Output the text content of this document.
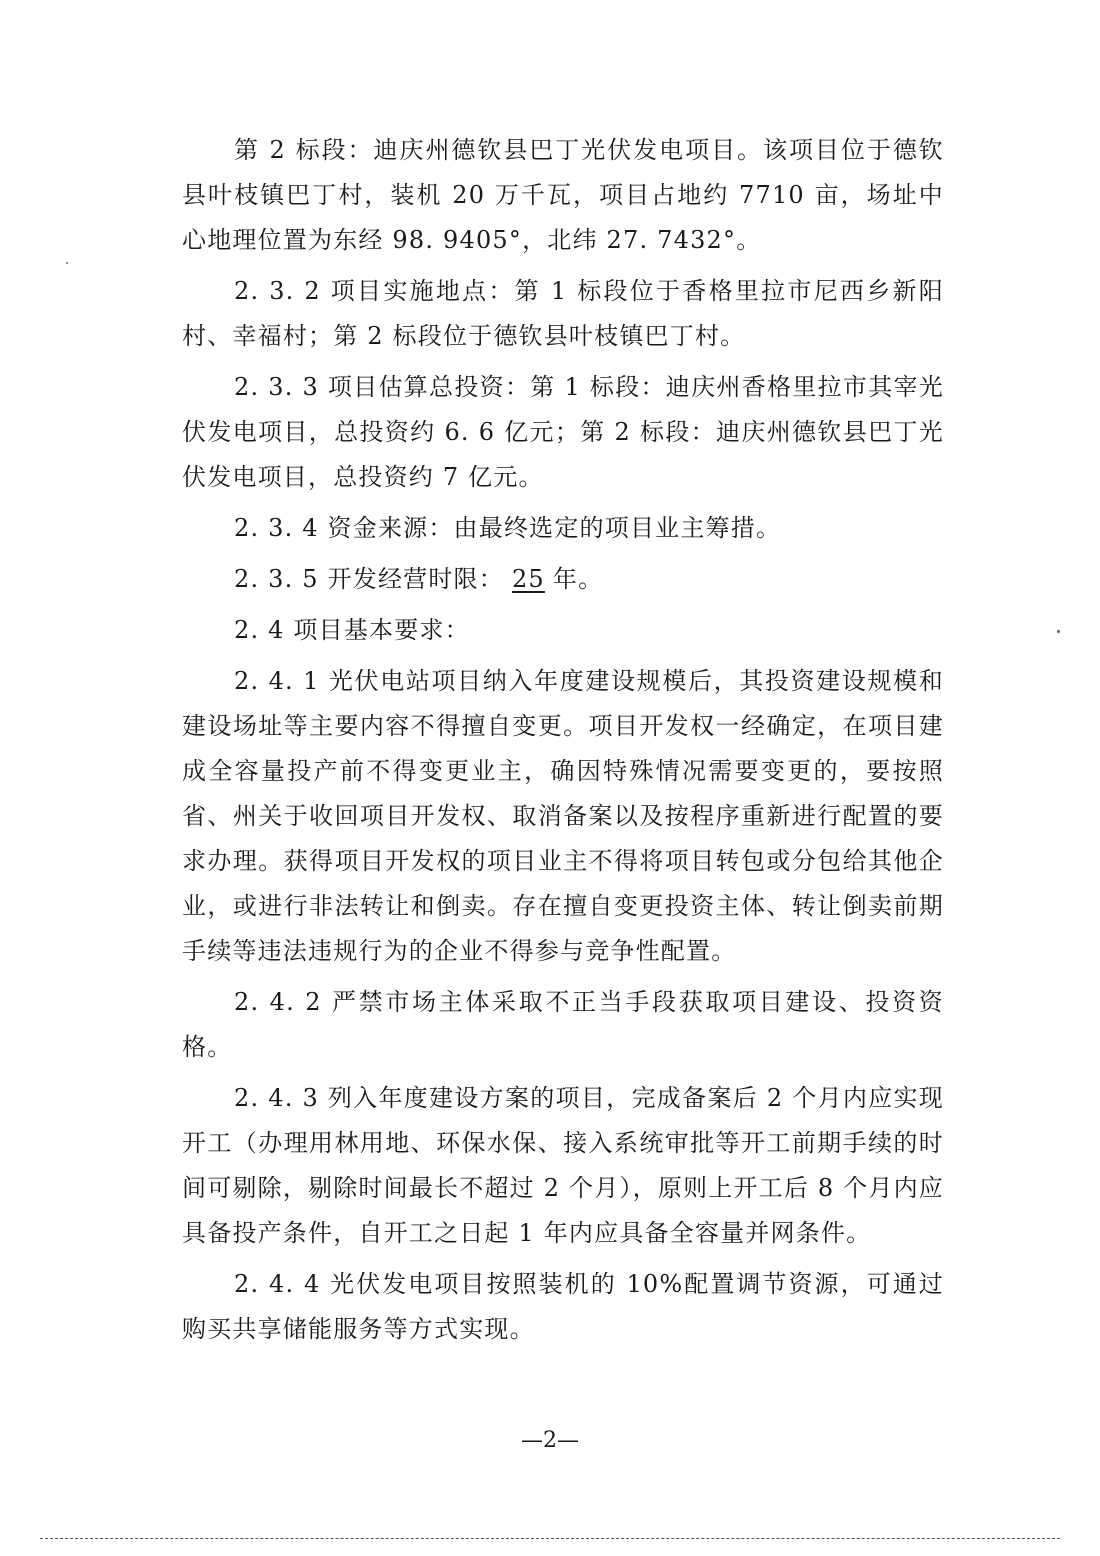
第 2 标段：迪庆州德钦县巴丁光伏发电项目。该项目位于德钦县叶枝镇巴丁村，装机 20 万千瓦，项目占地约 7710 亩，场址中心地理位置为东经 98. 9405°，北纬 27. 7432°。

2. 3. 2 项目实施地点：第 1 标段位于香格里拉市尼西乡新阳村、幸福村；第 2 标段位于德钦县叶枝镇巴丁村。

2. 3. 3 项目估算总投资：第 1 标段：迪庆州香格里拉市其宰光伏发电项目，总投资约 6. 6 亿元；第 2 标段：迪庆州德钦县巴丁光伏发电项目，总投资约 7 亿元。

2. 3. 4 资金来源：由最终选定的项目业主筹措。

2. 3. 5 开发经营时限： 25 年。

2. 4 项目基本要求：

2. 4. 1 光伏电站项目纳入年度建设规模后，其投资建设规模和建设场址等主要内容不得擅自变更。项目开发权一经确定，在项目建成全容量投产前不得变更业主，确因特殊情况需要变更的，要按照省、州关于收回项目开发权、取消备案以及按程序重新进行配置的要求办理。获得项目开发权的项目业主不得将项目转包或分包给其他企业，或进行非法转让和倒卖。存在擅自变更投资主体、转让倒卖前期手续等违法违规行为的企业不得参与竞争性配置。

2. 4. 2 严禁市场主体采取不正当手段获取项目建设、投资资格。

2. 4. 3 列入年度建设方案的项目，完成备案后 2 个月内应实现开工（办理用林用地、环保水保、接入系统审批等开工前期手续的时间可剔除，剔除时间最长不超过 2 个月），原则上开工后 8 个月内应具备投产条件，自开工之日起 1 年内应具备全容量并网条件。

2. 4. 4 光伏发电项目按照装机的 10%配置调节资源，可通过购买共享储能服务等方式实现。

—2—
